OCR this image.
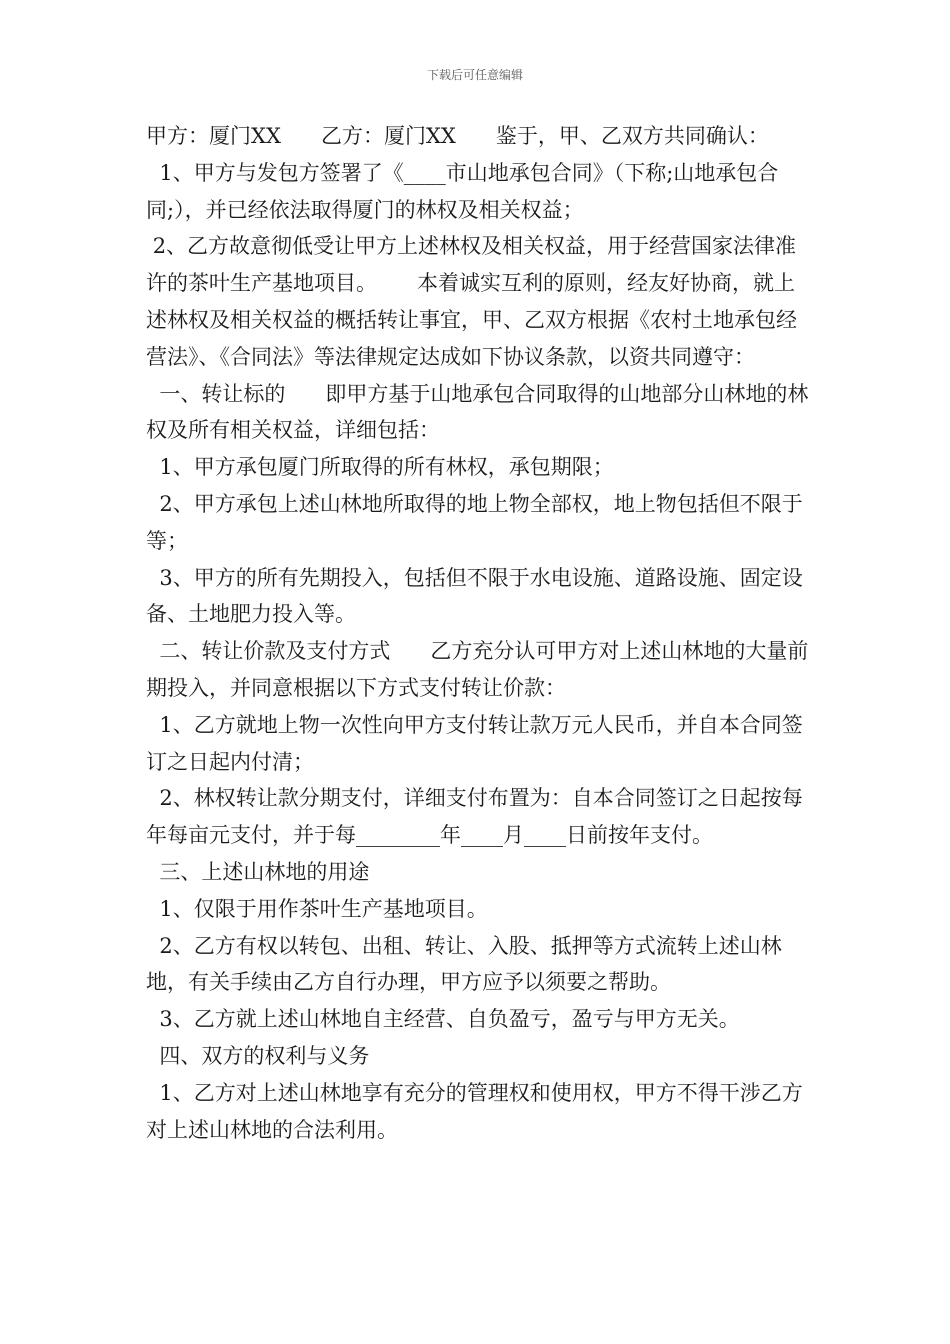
下载后可任意编辑

甲方：厦门XX      乙方：厦门XX      鉴于，甲、乙双方共同确认：

1、甲方与发包方签署了《____市山地承包合同》（下称;山地承包合同;），并已经依法取得厦门的林权及相关权益；

2、乙方故意彻低受让甲方上述林权及相关权益，用于经营国家法律准许的茶叶生产基地项目。      本着诚实互利的原则，经友好协商，就上述林权及相关权益的概括转让事宜，甲、乙双方根据《农村土地承包经营法》、《合同法》等法律规定达成如下协议条款，以资共同遵守：

一、转让标的      即甲方基于山地承包合同取得的山地部分山林地的林权及所有相关权益，详细包括：

1、甲方承包厦门所取得的所有林权，承包期限；

2、甲方承包上述山林地所取得的地上物全部权，地上物包括但不限于等；

3、甲方的所有先期投入，包括但不限于水电设施、道路设施、固定设备、土地肥力投入等。

二、转让价款及支付方式      乙方充分认可甲方对上述山林地的大量前期投入，并同意根据以下方式支付转让价款：

1、乙方就地上物一次性向甲方支付转让款万元人民币，并自本合同签订之日起内付清；

2、林权转让款分期支付，详细支付布置为：自本合同签订之日起按每年每亩元支付，并于每________年____月____日前按年支付。

三、上述山林地的用途

1、仅限于用作茶叶生产基地项目。

2、乙方有权以转包、出租、转让、入股、抵押等方式流转上述山林地，有关手续由乙方自行办理，甲方应予以须要之帮助。

3、乙方就上述山林地自主经营、自负盈亏，盈亏与甲方无关。

四、双方的权利与义务

1、乙方对上述山林地享有充分的管理权和使用权，甲方不得干涉乙方对上述山林地的合法利用。
